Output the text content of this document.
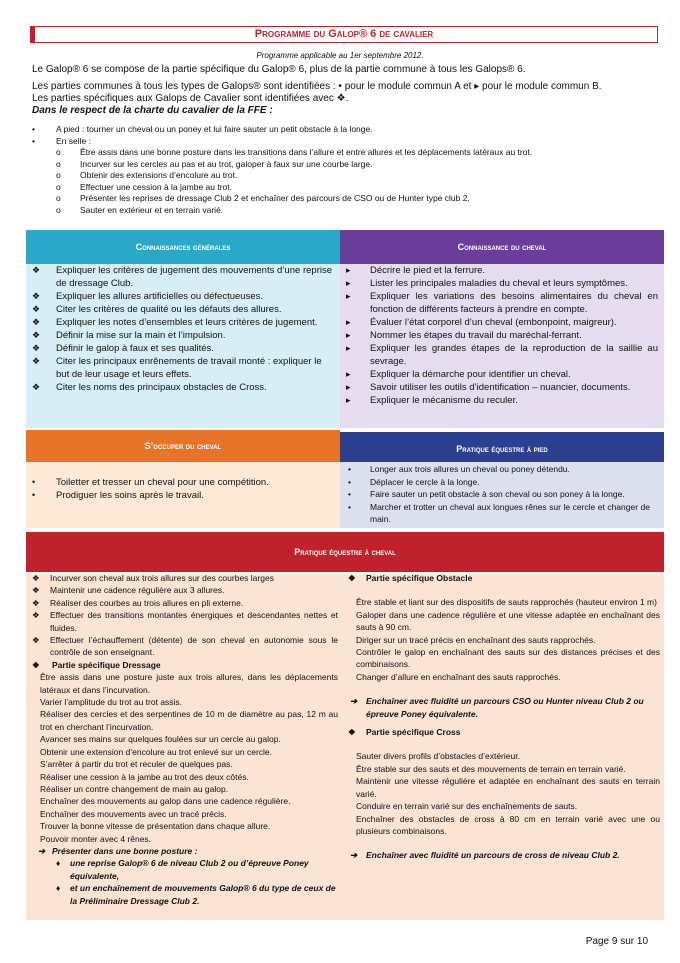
Programme du Galop® 6 de cavalier
Programme applicable au 1er septembre 2012.

Le Galop® 6 se compose de la partie spécifique du Galop® 6, plus de la partie commune à tous les Galops® 6.

Les parties communes à tous les types de Galops® sont identifiées : • pour le module commun A et ▸ pour le module commun B.

Les parties spécifiques aux Galops de Cavalier sont identifiées avec ❖.

Dans le respect de la charte du cavalier de la FFE :

• A pied : tourner un cheval ou un poney et lui faire sauter un petit obstacle à la longe.
• En selle :
o Être assis dans une bonne posture dans les transitions dans l’allure et entre allures et les déplacements latéraux au trot.
o Incurver sur les cercles au pas et au trot, galoper à faux sur une courbe large.
o Obtenir des extensions d’encolure au trot.
o Effectuer une cession à la jambe au trot.
o Présenter les reprises de dressage Club 2 et enchaîner des parcours de CSO ou de Hunter type club 2.
o Sauter en extérieur et en terrain varié.
Connaissances générales
❖ Expliquer les critères de jugement des mouvements d’une reprise de dressage Club.
❖ Expliquer les allures artificielles ou défectueuses.
❖ Citer les critères de qualité ou les défauts des allures.
❖ Expliquer les notes d’ensembles et leurs critères de jugement.
❖ Définir la mise sur la main et l’impulsion.
❖ Définir le galop à faux et ses qualités.
❖ Citer les principaux enrênements de travail monté : expliquer le but de leur usage et leurs effets.
❖ Citer les noms des principaux obstacles de Cross.
Connaissance du cheval
▸ Décrire le pied et la ferrure.
▸ Lister les principales maladies du cheval et leurs symptômes.
▸ Expliquer les variations des besoins alimentaires du cheval en fonction de différents facteurs à prendre en compte.
▸ Évaluer l’état corporel d’un cheval (embonpoint, maigreur).
▸ Nommer les étapes du travail du maréchal-ferrant.
▸ Expliquer les grandes étapes de la reproduction de la saillie au sevrage.
▸ Expliquer la démarche pour identifier un cheval.
▸ Savoir utiliser les outils d’identification – nuancier, documents.
▸ Expliquer le mécanisme du reculer.
S’occuper du cheval
• Toiletter et tresser un cheval pour une compétition.
• Prodiguer les soins après le travail.
Pratique équestre à pied
• Longer aux trois allures un cheval ou poney détendu.
• Déplacer le cercle à la longe.
• Faire sauter un petit obstacle à son cheval ou son poney à la longe.
• Marcher et trotter un cheval aux longues rênes sur le cercle et changer de main.
Pratique équestre à cheval
❖ Incurver son cheval aux trois allures sur des courbes larges
❖ Maintenir une cadence régulière aux 3 allures.
❖ Réaliser des courbes au trois allures en pli externe.
❖ Effectuer des transitions montantes énergiques et descendantes nettes et fluides.
❖ Effectuer l’échauffement (détente) de son cheval en autonomie sous le contrôle de son enseignant.
❖ Partie spécifique Dressage
Être assis dans une posture juste aux trois allures, dans les déplacements latéraux et dans l’incurvation.
Varier l’amplitude du trot au trot assis.
Réaliser des cercles et des serpentines de 10 m de diamètre au pas, 12 m au trot en cherchant l’incurvation.
Avancer ses mains sur quelques foulées sur un cercle au galop.
Obtenir une extension d’encolure au trot enlevé sur un cercle.
S’arrêter à partir du trot et reculer de quelques pas.
Réaliser une cession à la jambe au trot des deux côtés.
Réaliser un contre changement de main au galop.
Enchaîner des mouvements au galop dans une cadence régulière.
Enchaîner des mouvements avec un tracé précis.
Trouver la bonne vitesse de présentation dans chaque allure.
Pouvoir monter avec 4 rênes.
➔ Présenter dans une bonne posture :
♦ une reprise Galop® 6 de niveau Club 2 ou d’épreuve Poney équivalente,
♦ et un enchaînement de mouvements Galop® 6 du type de ceux de la Préliminaire Dressage Club 2.
❖ Partie spécifique Obstacle
Être stable et liant sur des dispositifs de sauts rapprochés (hauteur environ 1 m)
Galoper dans une cadence régulière et une vitesse adaptée en enchaînant des sauts à 90 cm.
Diriger sur un tracé précis en enchaînant des sauts rapprochés.
Contrôler le galop en enchaînant des sauts sur des distances précises et des combinaisons.
Changer d’allure en enchaînant des sauts rapprochés.
➔ Enchaîner avec fluidité un parcours CSO ou Hunter niveau Club 2 ou épreuve Poney équivalente.
❖ Partie spécifique Cross
Sauter divers profils d’obstacles d’extérieur.
Être stable sur des sauts et des mouvements de terrain en terrain varié.
Maintenir une vitesse régulière et adaptée en enchaînant des sauts en terrain varié.
Conduire en terrain varié sur des enchaînements de sauts.
Enchaîner des obstacles de cross à 80 cm en terrain varié avec une ou plusieurs combinaisons.
➔ Enchaîner avec fluidité un parcours de cross de niveau Club 2.
Page 9 sur 10
